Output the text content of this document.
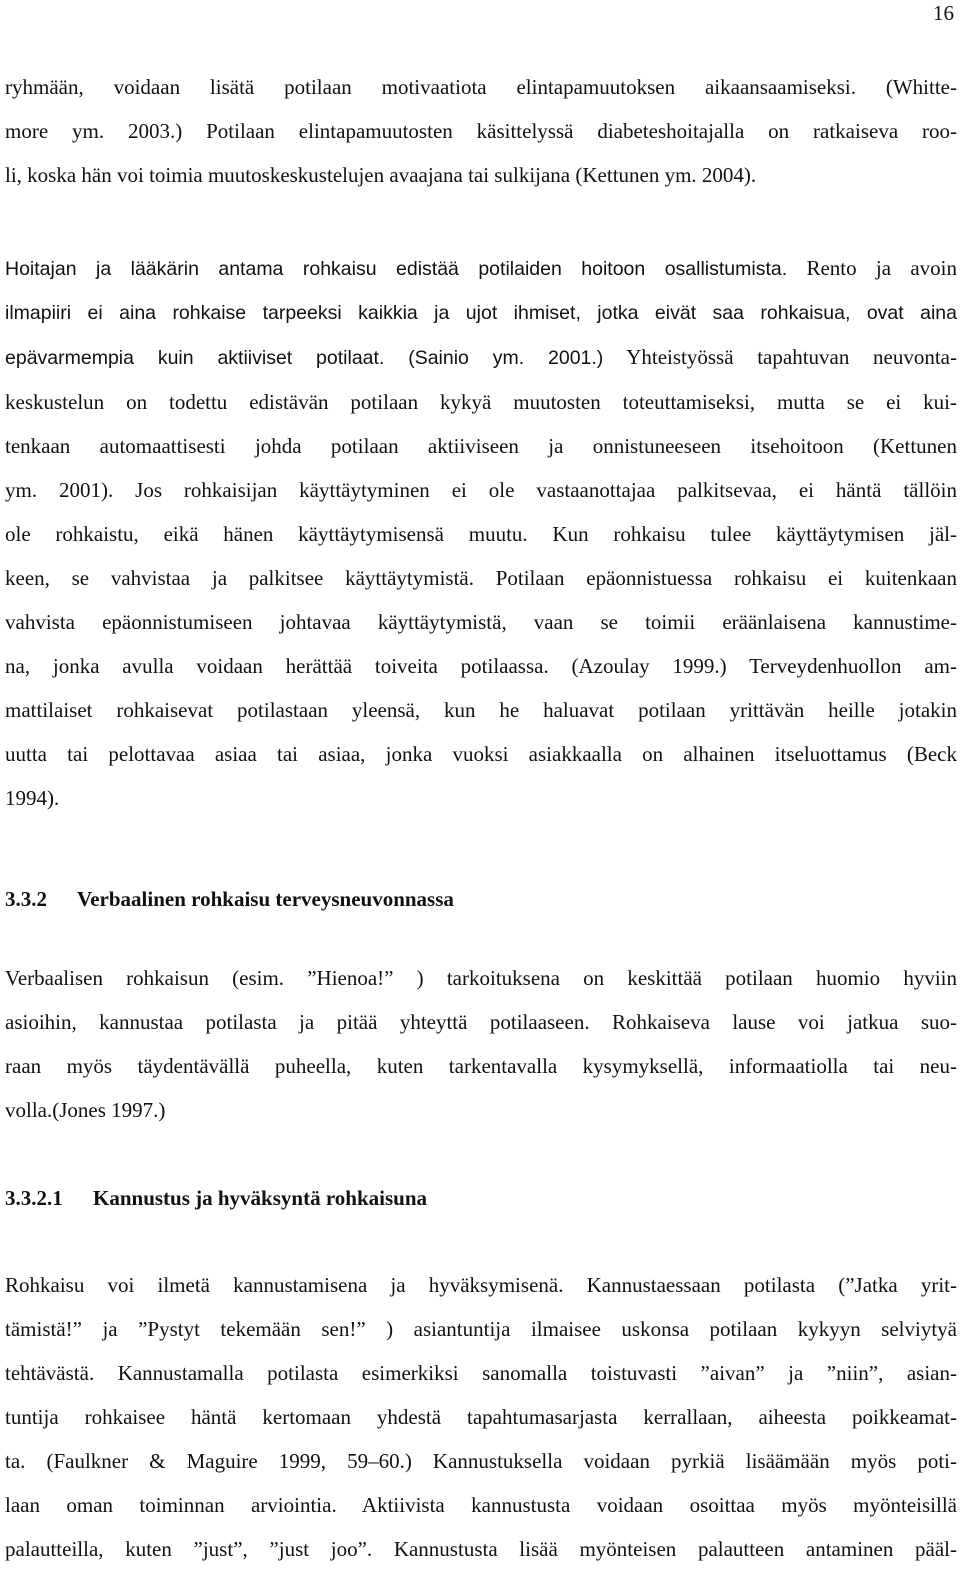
16
ryhmään, voidaan lisätä potilaan motivaatiota elintapamuutoksen aikaansaamiseksi. (Whitte-
more ym. 2003.) Potilaan elintapamuutosten käsittelyssä diabeteshoitajalla on ratkaiseva roo-
li, koska hän voi toimia muutoskeskustelujen avaajana tai sulkijana (Kettunen ym. 2004).
Hoitajan ja lääkärin antama rohkaisu edistää potilaiden hoitoon osallistumista. Rento ja avoin
ilmapiiri ei aina rohkaise tarpeeksi kaikkia ja ujot ihmiset, jotka eivät saa rohkaisua, ovat aina
epävarmempia kuin aktiiviset potilaat. (Sainio ym. 2001.) Yhteistyössä tapahtuvan neuvonta-
keskustelun on todettu edistävän potilaan kykyä muutosten toteuttamiseksi, mutta se ei kui-
tenkaan automaattisesti johda potilaan aktiiviseen ja onnistuneeseen itsehoitoon (Kettunen
ym. 2001). Jos rohkaisijan käyttäytyminen ei ole vastaanottajaa palkitsevaa, ei häntä tällöin
ole rohkaistu, eikä hänen käyttäytymisensä muutu. Kun rohkaisu tulee käyttäytymisen jäl-
keen, se vahvistaa ja palkitsee käyttäytymistä. Potilaan epäonnistuessa rohkaisu ei kuitenkaan
vahvista epäonnistumiseen johtavaa käyttäytymistä, vaan se toimii eräänlaisena kannustime-
na, jonka avulla voidaan herättää toiveita potilaassa. (Azoulay 1999.) Terveydenhuollon am-
mattilaiset rohkaisevat potilastaan yleensä, kun he haluavat potilaan yrittävän heille jotakin
uutta tai pelottavaa asiaa tai asiaa, jonka vuoksi asiakkaalla on alhainen itseluottamus (Beck
1994).
3.3.2 Verbaalinen rohkaisu terveysneuvonnassa
Verbaalisen rohkaisun (esim. ”Hienoa!” ) tarkoituksena on keskittää potilaan huomio hyviin
asioihin, kannustaa potilasta ja pitää yhteyttä potilaaseen. Rohkaiseva lause voi jatkua suo-
raan myös täydentävällä puheella, kuten tarkentavalla kysymyksellä, informaatiolla tai neu-
volla.(Jones 1997.)
3.3.2.1 Kannustus ja hyväksyntä rohkaisuna
Rohkaisu voi ilmetä kannustamisena ja hyväksymisenä. Kannustaessaan potilasta (”Jatka yrit-
tämistä!” ja ”Pystyt tekemään sen!” ) asiantuntija ilmaisee uskonsa potilaan kykyyn selviytyä
tehtävästä. Kannustamalla potilasta esimerkiksi sanomalla toistuvasti ”aivan” ja ”niin”, asian-
tuntija rohkaisee häntä kertomaan yhdestä tapahtumasarjasta kerrallaan, aiheesta poikkeamat-
ta. (Faulkner & Maguire 1999, 59–60.) Kannustuksella voidaan pyrkiä lisäämään myös poti-
laan oman toiminnan arviointia. Aktiivista kannustusta voidaan osoittaa myös myönteisillä
palautteilla, kuten ”just”, ”just joo”. Kannustusta lisää myönteisen palautteen antaminen pääl-
